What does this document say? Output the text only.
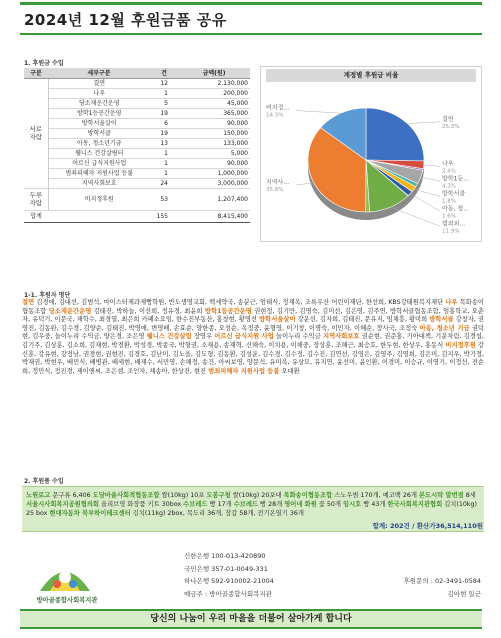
2024년 12월 후원금품 공유
1. 후원금 수입
구분	세부구분	건	금액(원)

서로
자람	결연	12	2,130,000
	나우	1	200,000
	당소재운간운영	5	45,000
	방학1등공간운영	19	365,000
	방학서울살이	6	90,000
	방학서클	19	150,000
	아동, 청소년기금	13	133,000
	웰니스 건강살림터	1	5,000
	어르신 급식지원사업	1	90,000
	범죄피해자 지원사업 등불	1	1,000,000
	지역사회보호	24	3,000,000

두루
자람	비지정후원	53	1,207,400
합계		155	8,415,400
계정별 후원금 비율
결연
25.3%
나우
2.4%
방학1등...
4.3%
방학서클
1.8%
아동, 청...
1.6%
범죄피...
11.9%
비지정...
14.3%
지역사...
35.6%
1-1. 후원자 명단
결연 김경애, 김대선, 김범석, 마이스터제과제빵학원, 반도생명교회, 백세약국, 송분근, 엄태식, 정재옥, 조록우산 어린이재단, 한선희, KBS강태원복지재단 나우 목화송이협동조합 당소재운간운영 김태진, 박하늘, 이선희, 정유경, 최윤희 방학1등공간운영 권현정, 김기만, 김명숙, 김미선, 김은영, 김주연, 방학서클협동조합, 엄홍학교, 오춘자, 유덕기, 이문국, 채학수, 최경열, 최은희 카페소요임, 한수진부동산, 홍창현, 황명선 방학서울살이 강운선, 김자희, 김태진, 문유지, 임채흥, 황미희 방학서클 강창자, 권영진, 김동완, 김수경, 김양순, 김태진, 박영애, 변영배, 손효순, 양한종, 오성순, 옥정중, 윤형영, 이기창, 이명숙, 이민자, 이혜순, 장사국, 조정숙 아동, 청소년 기금 권덕현, 김우중, 놀이누리 수익금, 양은경, 조은영 웰니스 건강살림 장영우 어르신 급식지원 사업 놀이누리 수익금 지역사회보호 권순현, 권준홍, 기아대책, 기운차림, 김경섭, 김기주, 김상훈, 김소희, 김재현, 박경환, 박성경, 박종국, 박형권, 소재용, 송재혁, 신해숙, 이치용, 이해중, 정상훈, 조해근, 최승호, 한두현, 한상우, 홍동식 비지정후원 강신훈, 강유현, 강정남, 권경현, 권현진, 김경호, 김난미, 김노을, 김도형, 김동환, 김성운, 김수경, 김수정, 김수진, 김연선, 김영은, 김영주, 김영희, 김은미, 김지우, 박기정, 박재권, 박현우, 배민식, 배병관, 배세현, 배재수, 서민영, 손해정, 송건, 아씨보영, 양문석, 유미옥, 유상모, 유지연, 윤선미, 윤인환, 이경미, 이승규, 이영기, 이정선, 전순희, 정민식, 정진경, 제이앤씨, 조은샘, 조인자, 채송아, 한상진, 현진 범죄피해자 지원사업 등불 오대환
2. 후원품 수입
노원로고 문구류 6,406 도담마을사회적협동조합 쌀(10kg) 10포 도봉구청 쌀(10kg) 20포대 목화송이협동조합 스노우범 170개, 예코백 26개 본도시락 말번점 8세 서울시사회복지공원협의회 올리브영 화장품 키트 30box 수브레드 빵 17개 수브레드 빵 28개 영어네 화원 꽃 50개 임시호 빵 43개 한국사회복지관협회 김치(10kg) 25 box 현대자동차 북부하이테크센터 김치(11kg) 2box, 목도리 36개, 장갑 58개, 전기온열기 36개
합계: 202건 / 환산가36,514,110원
방아골종합사회복지관
신한은행 100-013-420890
국민은행 357-01-0049-331
하나은행 592-910002-21004
예금주 : 방아골종합사회복지관
후원문의 : 02-3491-0584
김아현 일군
당신의 나눔이 우리 마을을 더불어 살아가게 합니다
